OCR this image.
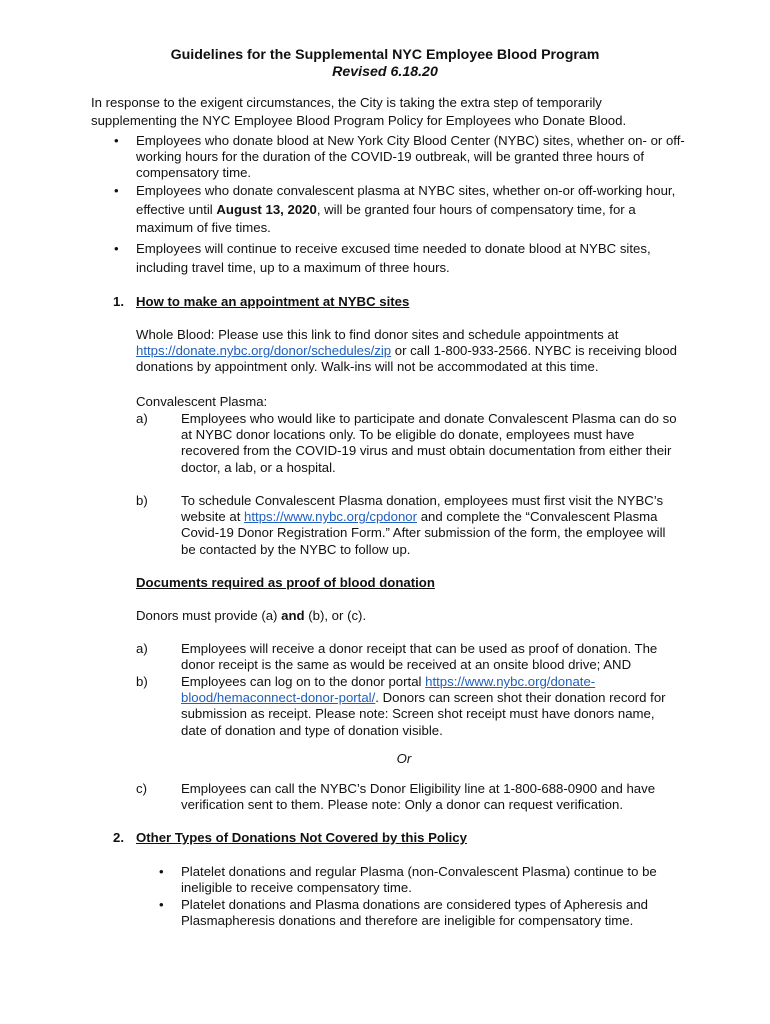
Guidelines for the Supplemental NYC Employee Blood Program
Revised 6.18.20
In response to the exigent circumstances, the City is taking the extra step of temporarily supplementing the NYC Employee Blood Program Policy for Employees who Donate Blood.

• Employees who donate blood at New York City Blood Center (NYBC) sites, whether on- or off- working hours for the duration of the COVID-19 outbreak, will be granted three hours of compensatory time.

• Employees who donate convalescent plasma at NYBC sites, whether on-or off-working hour, effective until August 13, 2020, will be granted four hours of compensatory time, for a maximum of five times.

• Employees will continue to receive excused time needed to donate blood at NYBC sites, including travel time, up to a maximum of three hours.

1. How to make an appointment at NYBC sites
Whole Blood: Please use this link to find donor sites and schedule appointments at https://donate.nybc.org/donor/schedules/zip or call 1-800-933-2566. NYBC is receiving blood donations by appointment only. Walk-ins will not be accommodated at this time.
Convalescent Plasma:
a)	Employees who would like to participate and donate Convalescent Plasma can do so at NYBC donor locations only. To be eligible do donate, employees must have recovered from the COVID-19 virus and must obtain documentation from either their doctor, a lab, or a hospital.
b)	To schedule Convalescent Plasma donation, employees must first visit the NYBC’s website at https://www.nybc.org/cpdonor and complete the “Convalescent Plasma Covid-19 Donor Registration Form.” After submission of the form, the employee will be contacted by the NYBC to follow up.
Documents required as proof of blood donation
Donors must provide (a) and (b), or (c).
a)	Employees will receive a donor receipt that can be used as proof of donation. The donor receipt is the same as would be received at an onsite blood drive; AND
b)	Employees can log on to the donor portal https://www.nybc.org/donate-blood/hemaconnect-donor-portal/. Donors can screen shot their donation record for submission as receipt. Please note: Screen shot receipt must have donors name, date of donation and type of donation visible.
Or
c)	Employees can call the NYBC’s Donor Eligibility line at 1-800-688-0900 and have verification sent to them. Please note: Only a donor can request verification.
2. Other Types of Donations Not Covered by this Policy
• Platelet donations and regular Plasma (non-Convalescent Plasma) continue to be ineligible to receive compensatory time.
• Platelet donations and Plasma donations are considered types of Apheresis and Plasmapheresis donations and therefore are ineligible for compensatory time.
